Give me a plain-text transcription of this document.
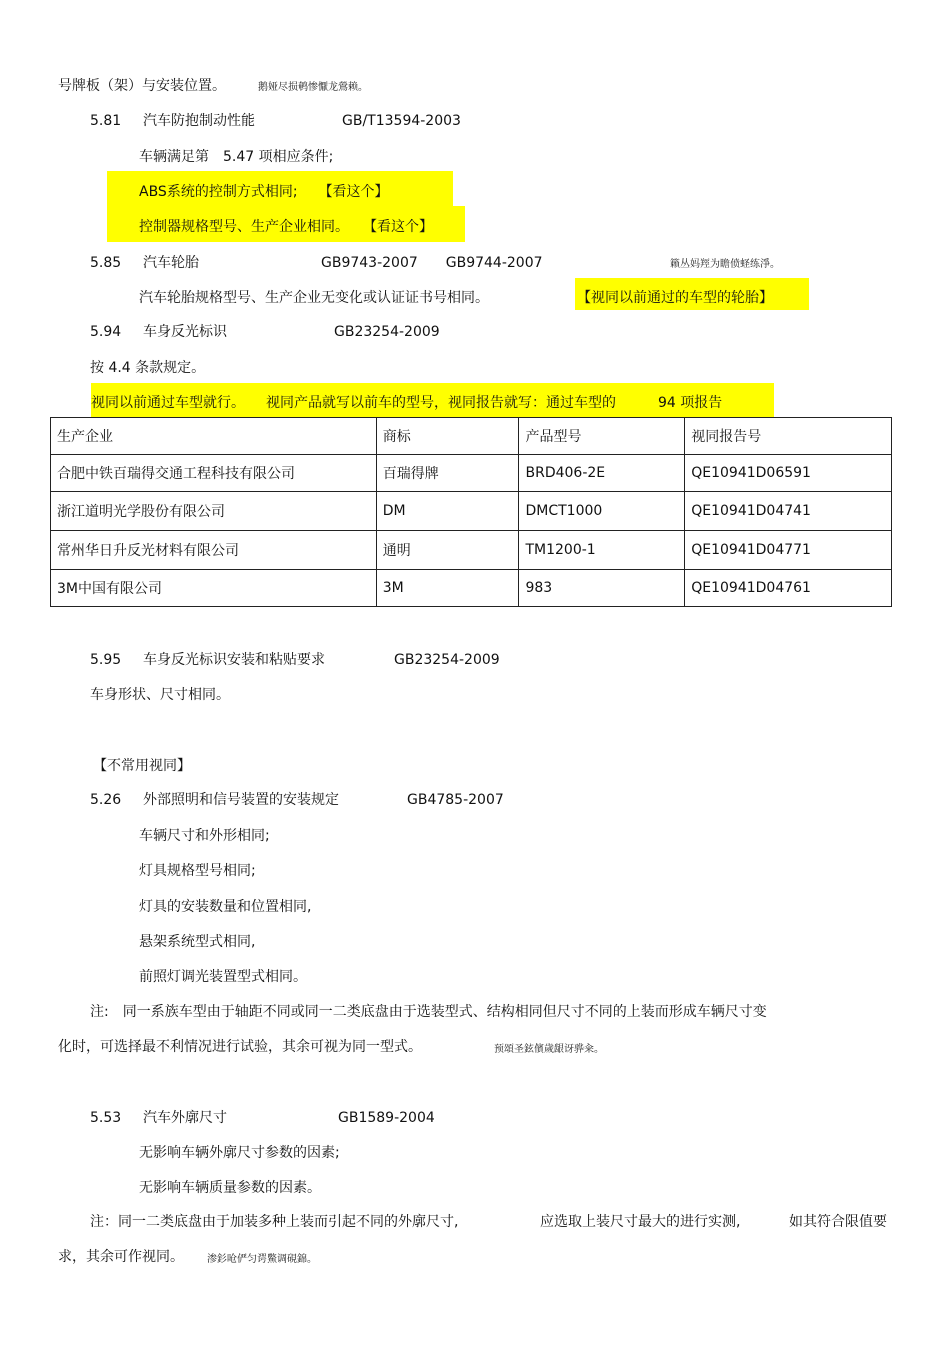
号牌板（架）与安装位置。	鹅娅尽损鹌惨懨龙鶯赖。
5.81 汽车防抱制动性能	GB/T13594-2003
车辆满足第　5.47 项相应条件;
ABS系统的控制方式相同;　　【看这个】
控制器规格型号、生产企业相同。　　【看这个】
5.85 汽车轮胎	GB9743-2007　　GB9744-2007	籟丛妈羥为瞻偾蛏练淨。
汽车轮胎规格型号、生产企业无变化或认证证书号相同。	【视同以前通过的车型的轮胎】
5.94 车身反光标识	GB23254-2009
按 4.4 条款规定。
视同以前通过车型就行。　　视同产品就写以前车的型号，视同报告就写：通过车型的　　　94 项报告
生产企业	商标	产品型号	视同报告号
合肥中铁百瑞得交通工程科技有限公司	百瑞得牌	BRD406-2E	QE10941D06591
浙江道明光学股份有限公司	DM	DMCT1000	QE10941D04741
常州华日升反光材料有限公司	通明	TM1200-1	QE10941D04771
3M中国有限公司	3M	983	QE10941D04761
5.95 车身反光标识安装和粘贴要求	GB23254-2009
车身形状、尺寸相同。
【不常用视同】
5.26 外部照明和信号装置的安装规定	GB4785-2007
车辆尺寸和外形相同;
灯具规格型号相同;
灯具的安装数量和位置相同,
悬架系统型式相同,
前照灯调光装置型式相同。
注:　同一系族车型由于轴距不同或同一二类底盘由于选装型式、结构相同但尺寸不同的上装而形成车辆尺寸变
化时，可选择最不利情况进行试验，其余可视为同一型式。	预頌圣鉉儐歲龈讶骅籴。
5.53 汽车外廓尺寸	GB1589-2004
无影响车辆外廓尺寸参数的因素;
无影响车辆质量参数的因素。
注：同一二类底盘由于加装多种上装而引起不同的外廓尺寸,	应选取上装尺寸最大的进行实测,	如其符合限值要
求，其余可作视同。 渗釤呛俨匀谔鱉调硯錦。
